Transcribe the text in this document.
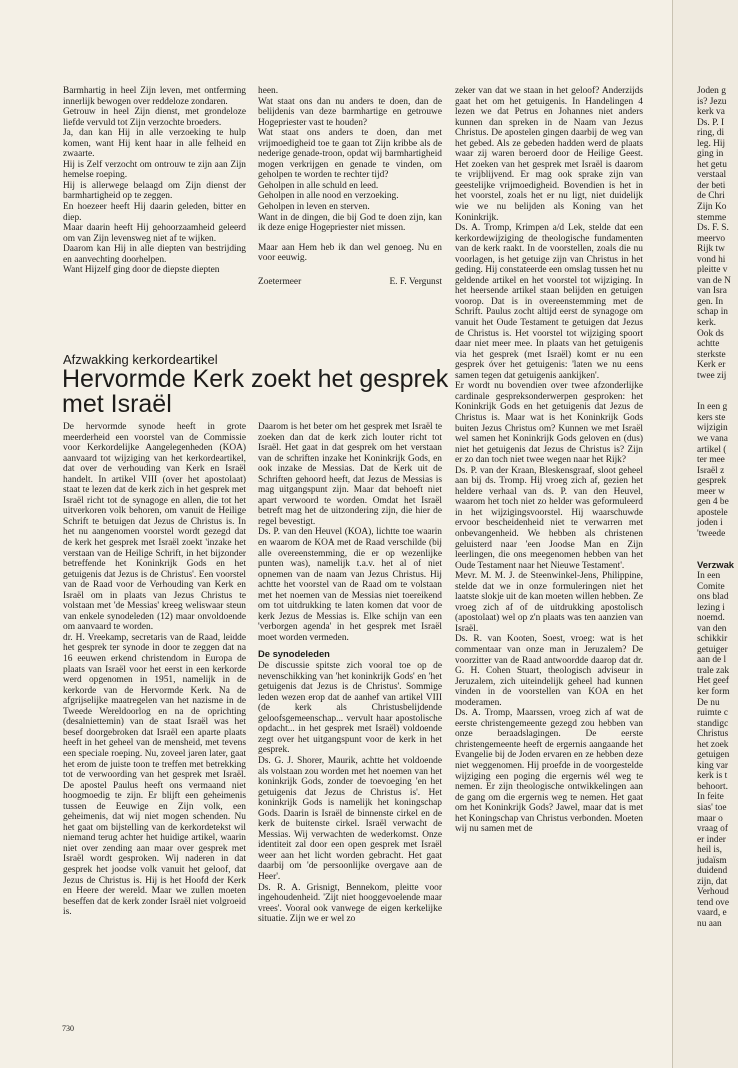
Barmhartig in heel Zijn leven, met ontferming innerlijk bewogen over reddeloze zondaren.

Getrouw in heel Zijn dienst, met grondeloze liefde vervuld tot Zijn verzochte broeders.

Ja, dan kan Hij in alle verzoeking te hulp komen, want Hij kent haar in alle felheid en zwaarte.

Hij is Zelf verzocht om ontrouw te zijn aan Zijn hemelse roeping.

Hij is allerwege belaagd om Zijn dienst der barmhartigheid op te zeggen.

En hoezeer heeft Hij daarin geleden, bitter en diep.

Maar daarin heeft Hij gehoorzaamheid geleerd om van Zijn levensweg niet af te wijken.

Daarom kan Hij in alle diepten van bestrijding en aanvechting doorhelpen.

Want Hijzelf ging door de diepste diepten

heen.

Wat staat ons dan nu anders te doen, dan de belijdenis van deze barmhartige en getrouwe Hogepriester vast te houden?

Wat staat ons anders te doen, dan met vrijmoedigheid toe te gaan tot Zijn kribbe als de nederige genade-troon, opdat wij barmhartigheid mogen verkrijgen en genade te vinden, om geholpen te worden te rechter tijd?

Geholpen in alle schuld en leed.

Geholpen in alle nood en verzoeking.

Geholpen in leven en sterven.

Want in de dingen, die bij God te doen zijn, kan ik deze enige Hogepriester niet missen.

Maar aan Hem heb ik dan wel genoeg. Nu en voor eeuwig.

Zoetermeer	E. F. Vergunst
Afzwakking kerkordeartikel
Hervormde Kerk zoekt het gesprek met Israël

De hervormde synode heeft in grote meerderheid een voorstel van de Commissie voor Kerkordelijke Aangelegenheden (KOA) aanvaard tot wijziging van het kerkordeartikel, dat over de verhouding van Kerk en Israël handelt. In artikel VIII (over het apostolaat) staat te lezen dat de kerk zich in het gesprek met Israël richt tot de synagoge en allen, die tot het uitverkoren volk behoren, om vanuit de Heilige Schrift te betuigen dat Jezus de Christus is. In het nu aangenomen voorstel wordt gezegd dat de kerk het gesprek met Israël zoekt 'inzake het verstaan van de Heilige Schrift, in het bijzonder betreffende het Koninkrijk Gods en het getuigenis dat Jezus is de Christus'. Een voorstel van de Raad voor de Verhouding van Kerk en Israël om in plaats van Jezus Christus te volstaan met 'de Messias' kreeg weliswaar steun van enkele synodeleden (12) maar onvoldoende om aanvaard te worden.

dr. H. Vreekamp, secretaris van de Raad, leidde het gesprek ter synode in door te zeggen dat na 16 eeuwen erkend christendom in Europa de plaats van Israël voor het eerst in een kerkorde werd opgenomen in 1951, namelijk in de kerkorde van de Hervormde Kerk. Na de afgrijselijke maatregelen van het nazisme in de Tweede Wereldoorlog en na de oprichting (desalniettemin) van de staat Israël was het besef doorgebroken dat Israël een aparte plaats heeft in het geheel van de mensheid, met tevens een speciale roeping. Nu, zoveel jaren later, gaat het erom de juiste toon te treffen met betrekking tot de verwoording van het gesprek met Israël. De apostel Paulus heeft ons vermaand niet hoogmoedig te zijn. Er blijft een geheimenis tussen de Eeuwige en Zijn volk, een geheimenis, dat wij niet mogen schenden. Nu het gaat om bijstelling van de kerkordetekst wil niemand terug achter het huidige artikel, waarin niet over zending aan maar over gesprek met Israël wordt gesproken. Wij naderen in dat gesprek het joodse volk vanuit het geloof, dat Jezus de Christus is. Hij is het Hoofd der Kerk en Heere der wereld. Maar we zullen moeten beseffen dat de kerk zonder Israël niet volgroeid is.

Daarom is het beter om het gesprek met Israël te zoeken dan dat de kerk zich louter richt tot Israël. Het gaat in dat gesprek om het verstaan van de schriften inzake het Koninkrijk Gods, en ook inzake de Messias. Dat de Kerk uit de Schriften gehoord heeft, dat Jezus de Messias is mag uitgangspunt zijn. Maar dat behoeft niet apart verwoord te worden. Omdat het Israël betreft mag het de uitzondering zijn, die hier de regel bevestigt.

Ds. P. van den Heuvel (KOA), lichtte toe waarin en waarom de KOA met de Raad verschilde (bij alle overeenstemming, die er op wezenlijke punten was), namelijk t.a.v. het al of niet opnemen van de naam van Jezus Christus. Hij achtte het voorstel van de Raad om te volstaan met het noemen van de Messias niet toereikend om tot uitdrukking te laten komen dat voor de kerk Jezus de Messias is. Elke schijn van een 'verborgen agenda' in het gesprek met Israël moet worden vermeden.

De synodeleden

De discussie spitste zich vooral toe op de nevenschikking van 'het koninkrijk Gods' en 'het getuigenis dat Jezus is de Christus'. Sommige leden wezen erop dat de aanhef van artikel VIII (de kerk als Christusbelijdende geloofsgemeenschap... vervult haar apostolische opdacht... in het gesprek met Israël) voldoende zegt over het uitgangspunt voor de kerk in het gesprek.

Ds. G. J. Shorer, Maurik, achtte het voldoende als volstaan zou worden met het noemen van het koninkrijk Gods, zonder de toevoeging 'en het getuigenis dat Jezus de Christus is'. Het koninkrijk Gods is namelijk het koningschap Gods. Daarin is Israël de binnenste cirkel en de kerk de buitenste cirkel. Israël verwacht de Messias. Wij verwachten de wederkomst. Onze identiteit zal door een open gesprek met Israël weer aan het licht worden gebracht. Het gaat daarbij om 'de persoonlijke overgave aan de Heer'.

Ds. R. A. Grisnigt, Bennekom, pleitte voor ingehoudenheid. 'Zijt niet hooggevoelende maar vrees'. Vooral ook vanwege de eigen kerkelijke situatie. Zijn we er wel zo

zeker van dat we staan in het geloof? Anderzijds gaat het om het getuigenis. In Handelingen 4 lezen we dat Petrus en Johannes niet anders kunnen dan spreken in de Naam van Jezus Christus. De apostelen gingen daarbij de weg van het gebed. Als ze gebeden hadden werd de plaats waar zij waren beroerd door de Heilige Geest. Het zoeken van het gesprek met Israël is daarom te vrijblijvend. Er mag ook sprake zijn van geestelijke vrijmoedigheid. Bovendien is het in het voorstel, zoals het er nu ligt, niet duidelijk wie we nu belijden als Koning van het Koninkrijk.

Ds. A. Tromp, Krimpen a/d Lek, stelde dat een kerkordewijziging de theologische fundamenten van de kerk raakt. In de voorstellen, zoals die nu voorlagen, is het getuige zijn van Christus in het geding. Hij constateerde een omslag tussen het nu geldende artikel en het voorstel tot wijziging. In het heersende artikel staan belijden en getuigen voorop. Dat is in overeenstemming met de Schrift. Paulus zocht altijd eerst de synagoge om vanuit het Oude Testament te getuigen dat Jezus de Christus is. Het voorstel tot wijziging spoort daar niet meer mee. In plaats van het getuigenis via het gesprek (met Israël) komt er nu een gesprek óver het getuigenis: 'laten we nu eens samen tegen dat getuigenis aankijken'.

Er wordt nu bovendien over twee afzonderlijke cardinale gespreksonderwerpen gesproken: het Koninkrijk Gods en het getuigenis dat Jezus de Christus is. Maar wat is het Koninkrijk Gods buiten Jezus Christus om? Kunnen we met Israël wel samen het Koninkrijk Gods geloven en (dus) niet het getuigenis dat Jezus de Christus is? Zijn er zo dan toch niet twee wegen naar het Rijk?

Ds. P. van der Kraan, Bleskensgraaf, sloot geheel aan bij ds. Tromp. Hij vroeg zich af, gezien het heldere verhaal van ds. P. van den Heuvel, waarom het toch niet zo helder was geformuleerd in het wijzigingsvoorstel. Hij waarschuwde ervoor bescheidenheid niet te verwarren met onbevangenheid. We hebben als christenen geluisterd naar 'een Joodse Man en Zijn leerlingen, die ons meegenomen hebben van het Oude Testament naar het Nieuwe Testament'.

Mevr. M. M. J. de Steenwinkel-Jens, Philippine, stelde dat we in onze formuleringen niet het laatste slokje uit de kan moeten willen hebben. Ze vroeg zich af of de uitdrukking apostolisch (apostolaat) wel op z'n plaats was ten aanzien van Israël.

Ds. R. van Kooten, Soest, vroeg: wat is het commentaar van onze man in Jeruzalem? De voorzitter van de Raad antwoordde daarop dat dr. G. H. Cohen Stuart, theologisch adviseur in Jeruzalem, zich uiteindelijk geheel had kunnen vinden in de voorstellen van KOA en het moderamen.

Ds. A. Tromp, Maarssen, vroeg zich af wat de eerste christengemeente gezegd zou hebben van onze beraadslagingen. De eerste christengemeente heeft de ergernis aangaande het Evangelie bij de Joden ervaren en ze hebben deze niet weggenomen. Hij proefde in de voorgestelde wijziging een poging die ergernis wél weg te nemen. Er zijn theologische ontwikkelingen aan de gang om die ergernis weg te nemen. Het gaat om het Koninkrijk Gods? Jawel, maar dat is met het Koningschap van Christus verbonden. Moeten wij nu samen met de

730
Joden g
is? Jezu
kerk va
Ds. P. I
ring, di
leg. Hij
ging in
het getu
verstaal
der beti
de Chri
Zijn Ko
stemme
Ds. F. S.
meervo
Rijk tw
vond hi
pleitte v
van de N
van Isra
gen. In
schap in
kerk.
Ook ds
achtte
sterkste
Kerk er
twee zij
In een g
kers ste
wijzigin
we vana
artikel (
ter mee
Israël z
gesprek
meer w
gen 4 be
apostele
joden i
'tweede
Verzwak
In een
Comite
ons blad
lezing i
noemd.
van den
schikkir
getuiger
aan de l
trale zak
Het geef
ker form
De nu
ruimte c
standigc
Christus
het zoek
getuigen
king var
kerk is t
behoort.
In feite
sias' toe
maar o
vraag of
er inder
heil is,
judaïsm
duidend
zijn, dat
Verhoud
tend ove
vaard, e
nu aan
